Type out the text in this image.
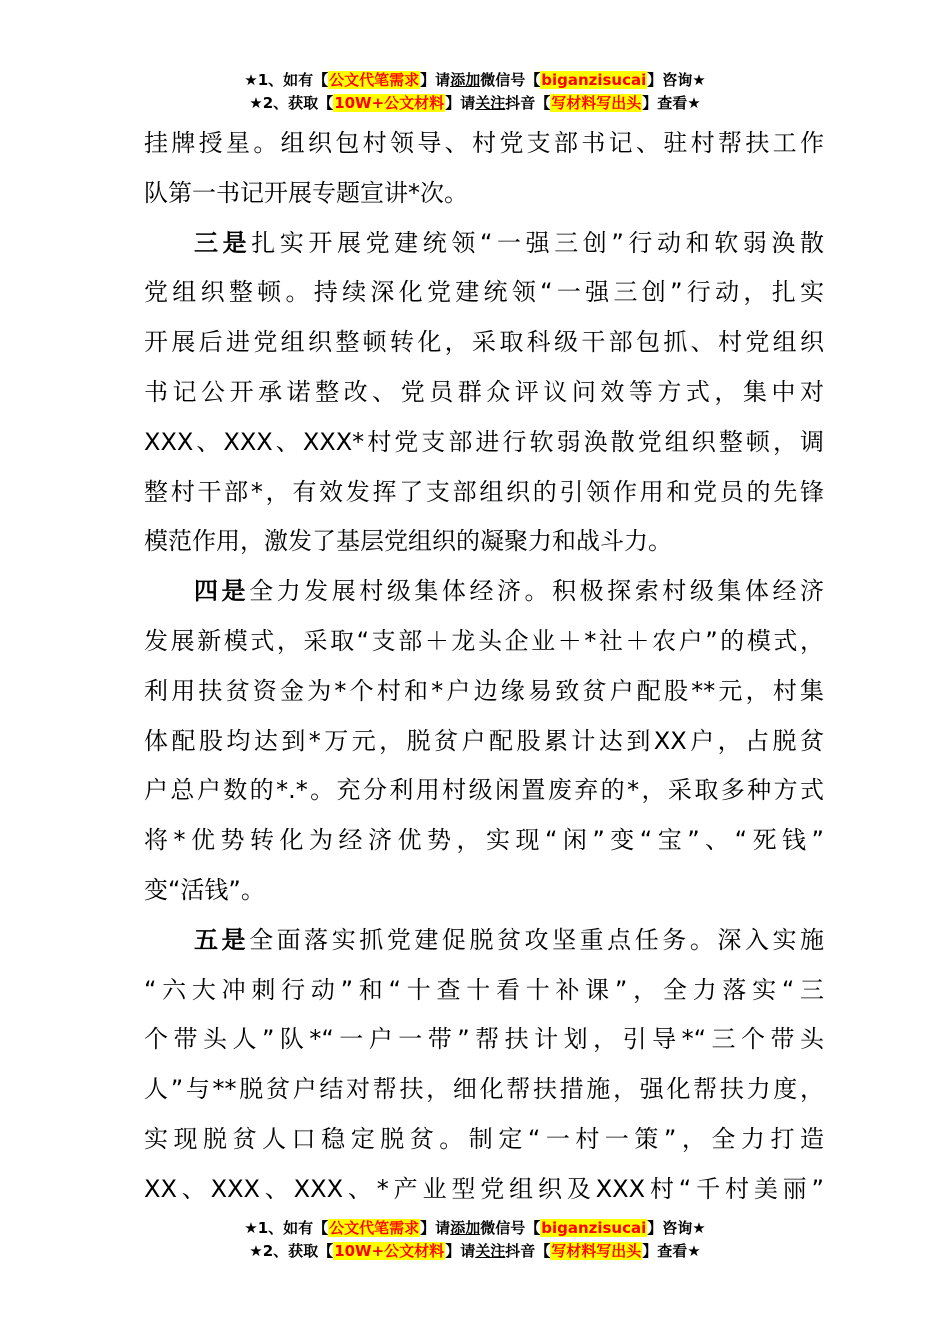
★1、如有【公文代笔需求】请添加微信号【biganzisucai】咨询★
★2、获取【10W+公文材料】请关注抖音【写材料写出头】查看★
挂牌授星。组织包村领导、村党支部书记、驻村帮扶工作
队第一书记开展专题宣讲*次。
三是扎实开展党建统领“一强三创”行动和软弱涣散
党组织整顿。持续深化党建统领“一强三创”行动，扎实
开展后进党组织整顿转化，采取科级干部包抓、村党组织
书记公开承诺整改、党员群众评议问效等方式，集中对
XXX、XXX、XXX*村党支部进行软弱涣散党组织整顿，调
整村干部*，有效发挥了支部组织的引领作用和党员的先锋
模范作用，激发了基层党组织的凝聚力和战斗力。
四是全力发展村级集体经济。积极探索村级集体经济
发展新模式，采取“支部＋龙头企业＋*社＋农户”的模式，
利用扶贫资金为*个村和*户边缘易致贫户配股**元，村集
体配股均达到*万元，脱贫户配股累计达到XX户，占脱贫
户总户数的*.*。充分利用村级闲置废弃的*，采取多种方式
将*优势转化为经济优势，实现“闲”变“宝”、“死钱”
变“活钱”。
五是全面落实抓党建促脱贫攻坚重点任务。深入实施
“六大冲刺行动”和“十查十看十补课”，全力落实“三
个带头人”队*“一户一带”帮扶计划，引导*“三个带头
人”与**脱贫户结对帮扶，细化帮扶措施，强化帮扶力度，
实现脱贫人口稳定脱贫。制定“一村一策”，全力打造
XX、XXX、XXX、*产业型党组织及XXX村“千村美丽”
★1、如有【公文代笔需求】请添加微信号【biganzisucai】咨询★
★2、获取【10W+公文材料】请关注抖音【写材料写出头】查看★
